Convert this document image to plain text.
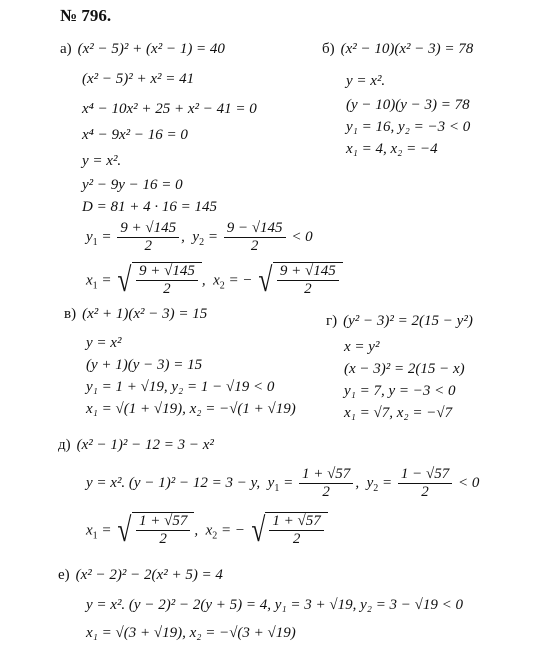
№ 796.
а) (x² − 5)² + (x² − 1) = 40
(x² − 5)² + x² = 41
x⁴ − 10x² + 25 + x² − 41 = 0
x⁴ − 9x² − 16 = 0
y = x².
y² − 9y − 16 = 0
D = 81 + 4 · 16 = 145
$y_1 = \frac{9 + √145}{2}$ ,  $y_2 = \frac{9 - √145}{2} < 0$
$x_1$ = √ $\frac{9 + √145}{2}$ ,  $x_2$ = − √ $\frac{9 + √145}{2}$
б) (x² − 10)(x² − 3) = 78
y = x².
(y − 10)(y − 3) = 78
y₁ = 16, y₂ = −3 < 0
x₁ = 4, x₂ = −4
в) (x² + 1)(x² − 3) = 15
y = x²
(y + 1)(y − 3) = 15
y₁ = 1 + √19, y₂ = 1 − √19 < 0
x₁ = √(1 + √19), x₂ = −√(1 + √19)
г) (y² − 3)² = 2(15 − y²)
x = y²
(x − 3)² = 2(15 − x)
y₁ = 7, y = −3 < 0
x₁ = √7, x₂ = −√7
д) (x² − 1)² − 12 = 3 − x²
y = x². (y − 1)² − 12 = 3 − y,  $y_1 = \frac{1 + √57}{2}$ ,  $y_2 = \frac{1 - √57}{2} < 0$
$x_1$ = √ $\frac{1 + √57}{2}$ ,  $x_2$ = − √ $\frac{1 + √57}{2}$
е) (x² − 2)² − 2(x² + 5) = 4
y = x². (y − 2)² − 2(y + 5) = 4, y₁ = 3 + √19, y₂ = 3 − √19 < 0
x₁ = √(3 + √19), x₂ = −√(3 + √19)
